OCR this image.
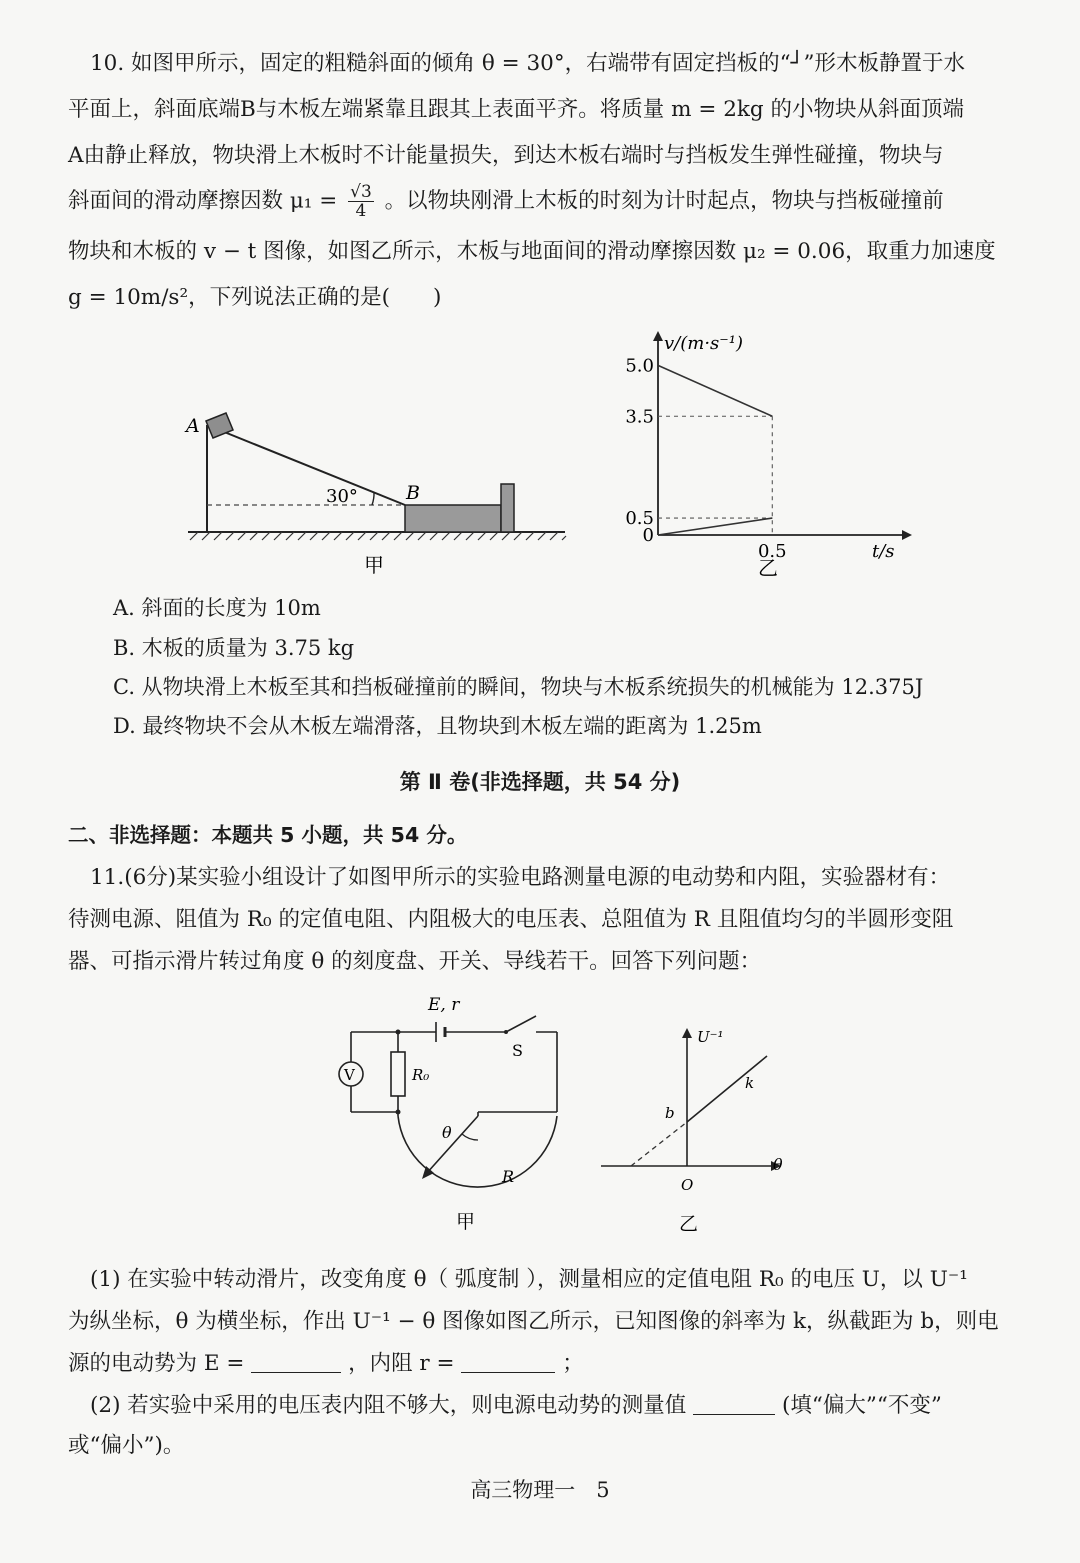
10. 如图甲所示，固定的粗糙斜面的倾角 θ = 30°，右端带有固定挡板的“┘”形木板静置于水
平面上，斜面底端B与木板左端紧靠且跟其上表面平齐。将质量 m = 2kg 的小物块从斜面顶端
A由静止释放，物块滑上木板时不计能量损失，到达木板右端时与挡板发生弹性碰撞，物块与
斜面间的滑动摩擦因数 $\mu_1 = \frac{√3}{4}$ 。以物块刚滑上木板的时刻为计时起点，物块与挡板碰撞前
物块和木板的 v − t 图像，如图乙所示，木板与地面间的滑动摩擦因数 μ₂ = 0.06，取重力加速度
g = 10m/s²，下列说法正确的是(　　)
A
B
30°
甲
0
0.5
3.5
5.0
0.5
v/(m·s⁻¹)
t/s
乙
A. 斜面的长度为 10m
B. 木板的质量为 3.75 kg
C. 从物块滑上木板至其和挡板碰撞前的瞬间，物块与木板系统损失的机械能为 12.375J
D. 最终物块不会从木板左端滑落，且物块到木板左端的距离为 1.25m
第 Ⅱ 卷(非选择题，共 54 分)
二、非选择题：本题共 5 小题，共 54 分。
11.(6分)某实验小组设计了如图甲所示的实验电路测量电源的电动势和内阻，实验器材有：
待测电源、阻值为 R₀ 的定值电阻、内阻极大的电压表、总阻值为 R 且阻值均匀的半圆形变阻
器、可指示滑片转过角度 θ 的刻度盘、开关、导线若干。回答下列问题：
E, r
V	R₀
S
θ
R
甲
U⁻¹
θ
O
b
k
乙
(1) 在实验中转动滑片，改变角度 θ（ 弧度制 ），测量相应的定值电阻 R₀ 的电压 U，以 U⁻¹
为纵坐标，θ 为横坐标，作出 U⁻¹ − θ 图像如图乙所示，已知图像的斜率为 k，纵截距为 b，则电
源的电动势为 E =	，内阻 r =	；
(2) 若实验中采用的电压表内阻不够大，则电源电动势的测量值	(填“偏大”“不变”
或“偏小”)。
高三物理一　5
